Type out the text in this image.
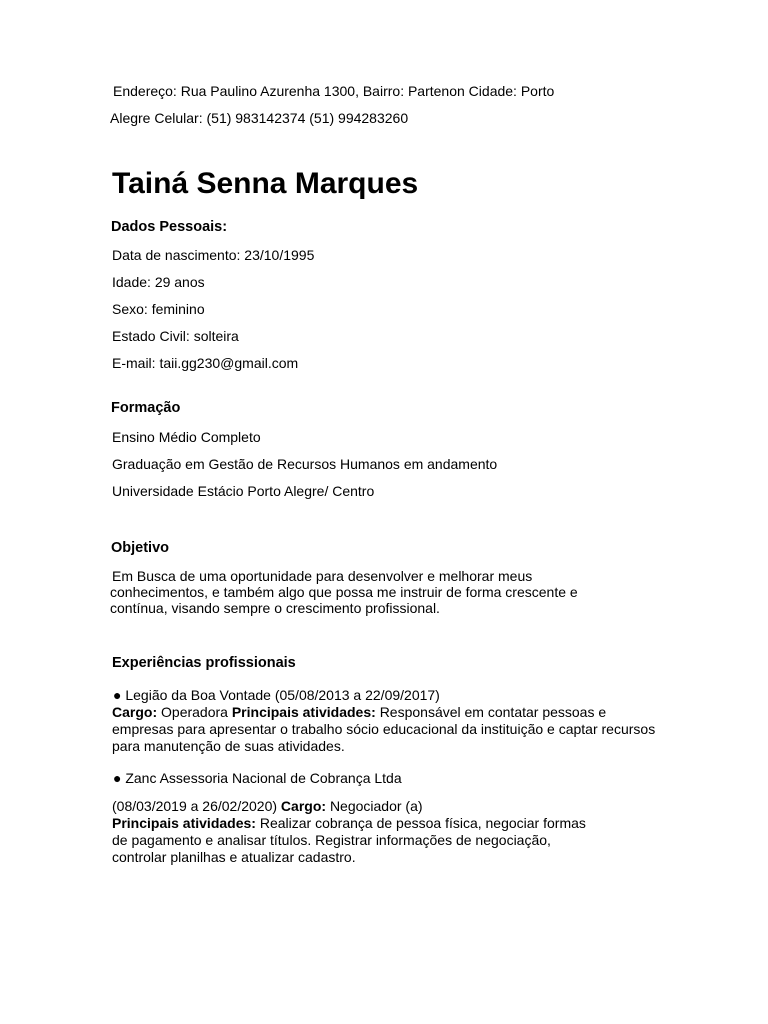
Endereço: Rua Paulino Azurenha 1300, Bairro: Partenon Cidade: Porto
Alegre Celular: (51) 983142374 (51) 994283260
Tainá Senna Marques
Dados Pessoais:
Data de nascimento: 23/10/1995
Idade: 29 anos
Sexo: feminino
Estado Civil: solteira
E-mail: taii.gg230@gmail.com
Formação
Ensino Médio Completo
Graduação em Gestão de Recursos Humanos em andamento
Universidade Estácio Porto Alegre/ Centro
Objetivo
Em Busca de uma oportunidade para desenvolver e melhorar meus
conhecimentos, e também algo que possa me instruir de forma crescente e
contínua, visando sempre o crescimento profissional.
Experiências profissionais
● Legião da Boa Vontade (05/08/2013 a 22/09/2017)
Cargo: Operadora Principais atividades: Responsável em contatar pessoas e
empresas para apresentar o trabalho sócio educacional da instituição e captar recursos
para manutenção de suas atividades.
● Zanc Assessoria Nacional de Cobrança Ltda
(08/03/2019 a 26/02/2020) Cargo: Negociador (a)
Principais atividades: Realizar cobrança de pessoa física, negociar formas
de pagamento e analisar títulos. Registrar informações de negociação,
controlar planilhas e atualizar cadastro.
